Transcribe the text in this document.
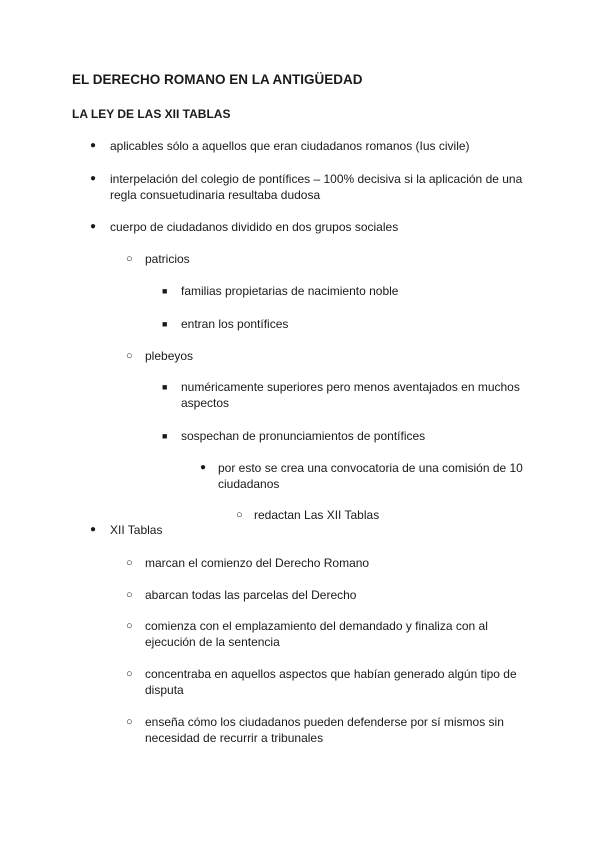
EL DERECHO ROMANO EN LA ANTIGÜEDAD
LA LEY DE LAS XII TABLAS
● aplicables sólo a aquellos que eran ciudadanos romanos (Ius civile)
● interpelación del colegio de pontífices – 100% decisiva si la aplicación de una regla consuetudinaria resultaba dudosa
● cuerpo de ciudadanos dividido en dos grupos sociales
○ patricios
■ familias propietarias de nacimiento noble
■ entran los pontífices
○ plebeyos
■ numéricamente superiores pero menos aventajados en muchos aspectos
■ sospechan de pronunciamientos de pontífices
● por esto se crea una convocatoria de una comisión de 10 ciudadanos
○ redactan Las XII Tablas
● XII Tablas
○ marcan el comienzo del Derecho Romano
○ abarcan todas las parcelas del Derecho
○ comienza con el emplazamiento del demandado y finaliza con al ejecución de la sentencia
○ concentraba en aquellos aspectos que habían generado algún tipo de disputa
○ enseña cómo los ciudadanos pueden defenderse por sí mismos sin necesidad de recurrir a tribunales
